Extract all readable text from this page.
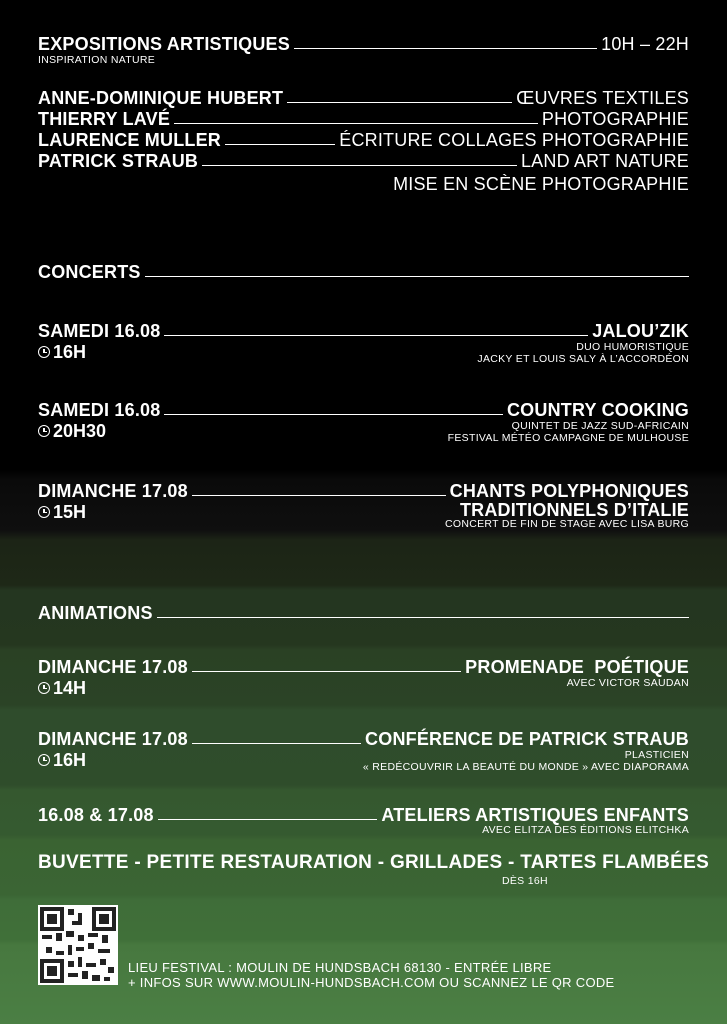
EXPOSITIONS ARTISTIQUES	10H – 22H
INSPIRATION NATURE
ANNE-DOMINIQUE HUBERT	ŒUVRES TEXTILES
THIERRY LAVÉ	PHOTOGRAPHIE
LAURENCE MULLER	ÉCRITURE COLLAGES PHOTOGRAPHIE
PATRICK STRAUB	LAND ART NATURE
MISE EN SCÈNE PHOTOGRAPHIE
CONCERTS
SAMEDI 16.08	JALOU’ZIK
16H	DUO HUMORISTIQUE
JACKY ET LOUIS SALY À L’ACCORDÉON
SAMEDI 16.08	COUNTRY COOKING
20H30	QUINTET DE JAZZ SUD-AFRICAIN
FESTIVAL MÉTÉO CAMPAGNE DE MULHOUSE
DIMANCHE 17.08	CHANTS POLYPHONIQUES
TRADITIONNELS D’ITALIE
15H
CONCERT DE FIN DE STAGE AVEC LISA BURG
ANIMATIONS
DIMANCHE 17.08	PROMENADE  POÉTIQUE
14H	AVEC VICTOR SAUDAN
DIMANCHE 17.08	CONFÉRENCE DE PATRICK STRAUB
16H	PLASTICIEN
« REDÉCOUVRIR LA BEAUTÉ DU MONDE » AVEC DIAPORAMA
16.08 & 17.08	ATELIERS ARTISTIQUES ENFANTS
AVEC ELITZA DES ÉDITIONS ELITCHKA
BUVETTE - PETITE RESTAURATION - GRILLADES - TARTES FLAMBÉES
DÈS 16H
LIEU FESTIVAL : MOULIN DE HUNDSBACH 68130 - ENTRÉE LIBRE
+ INFOS SUR WWW.MOULIN-HUNDSBACH.COM OU SCANNEZ LE QR CODE
